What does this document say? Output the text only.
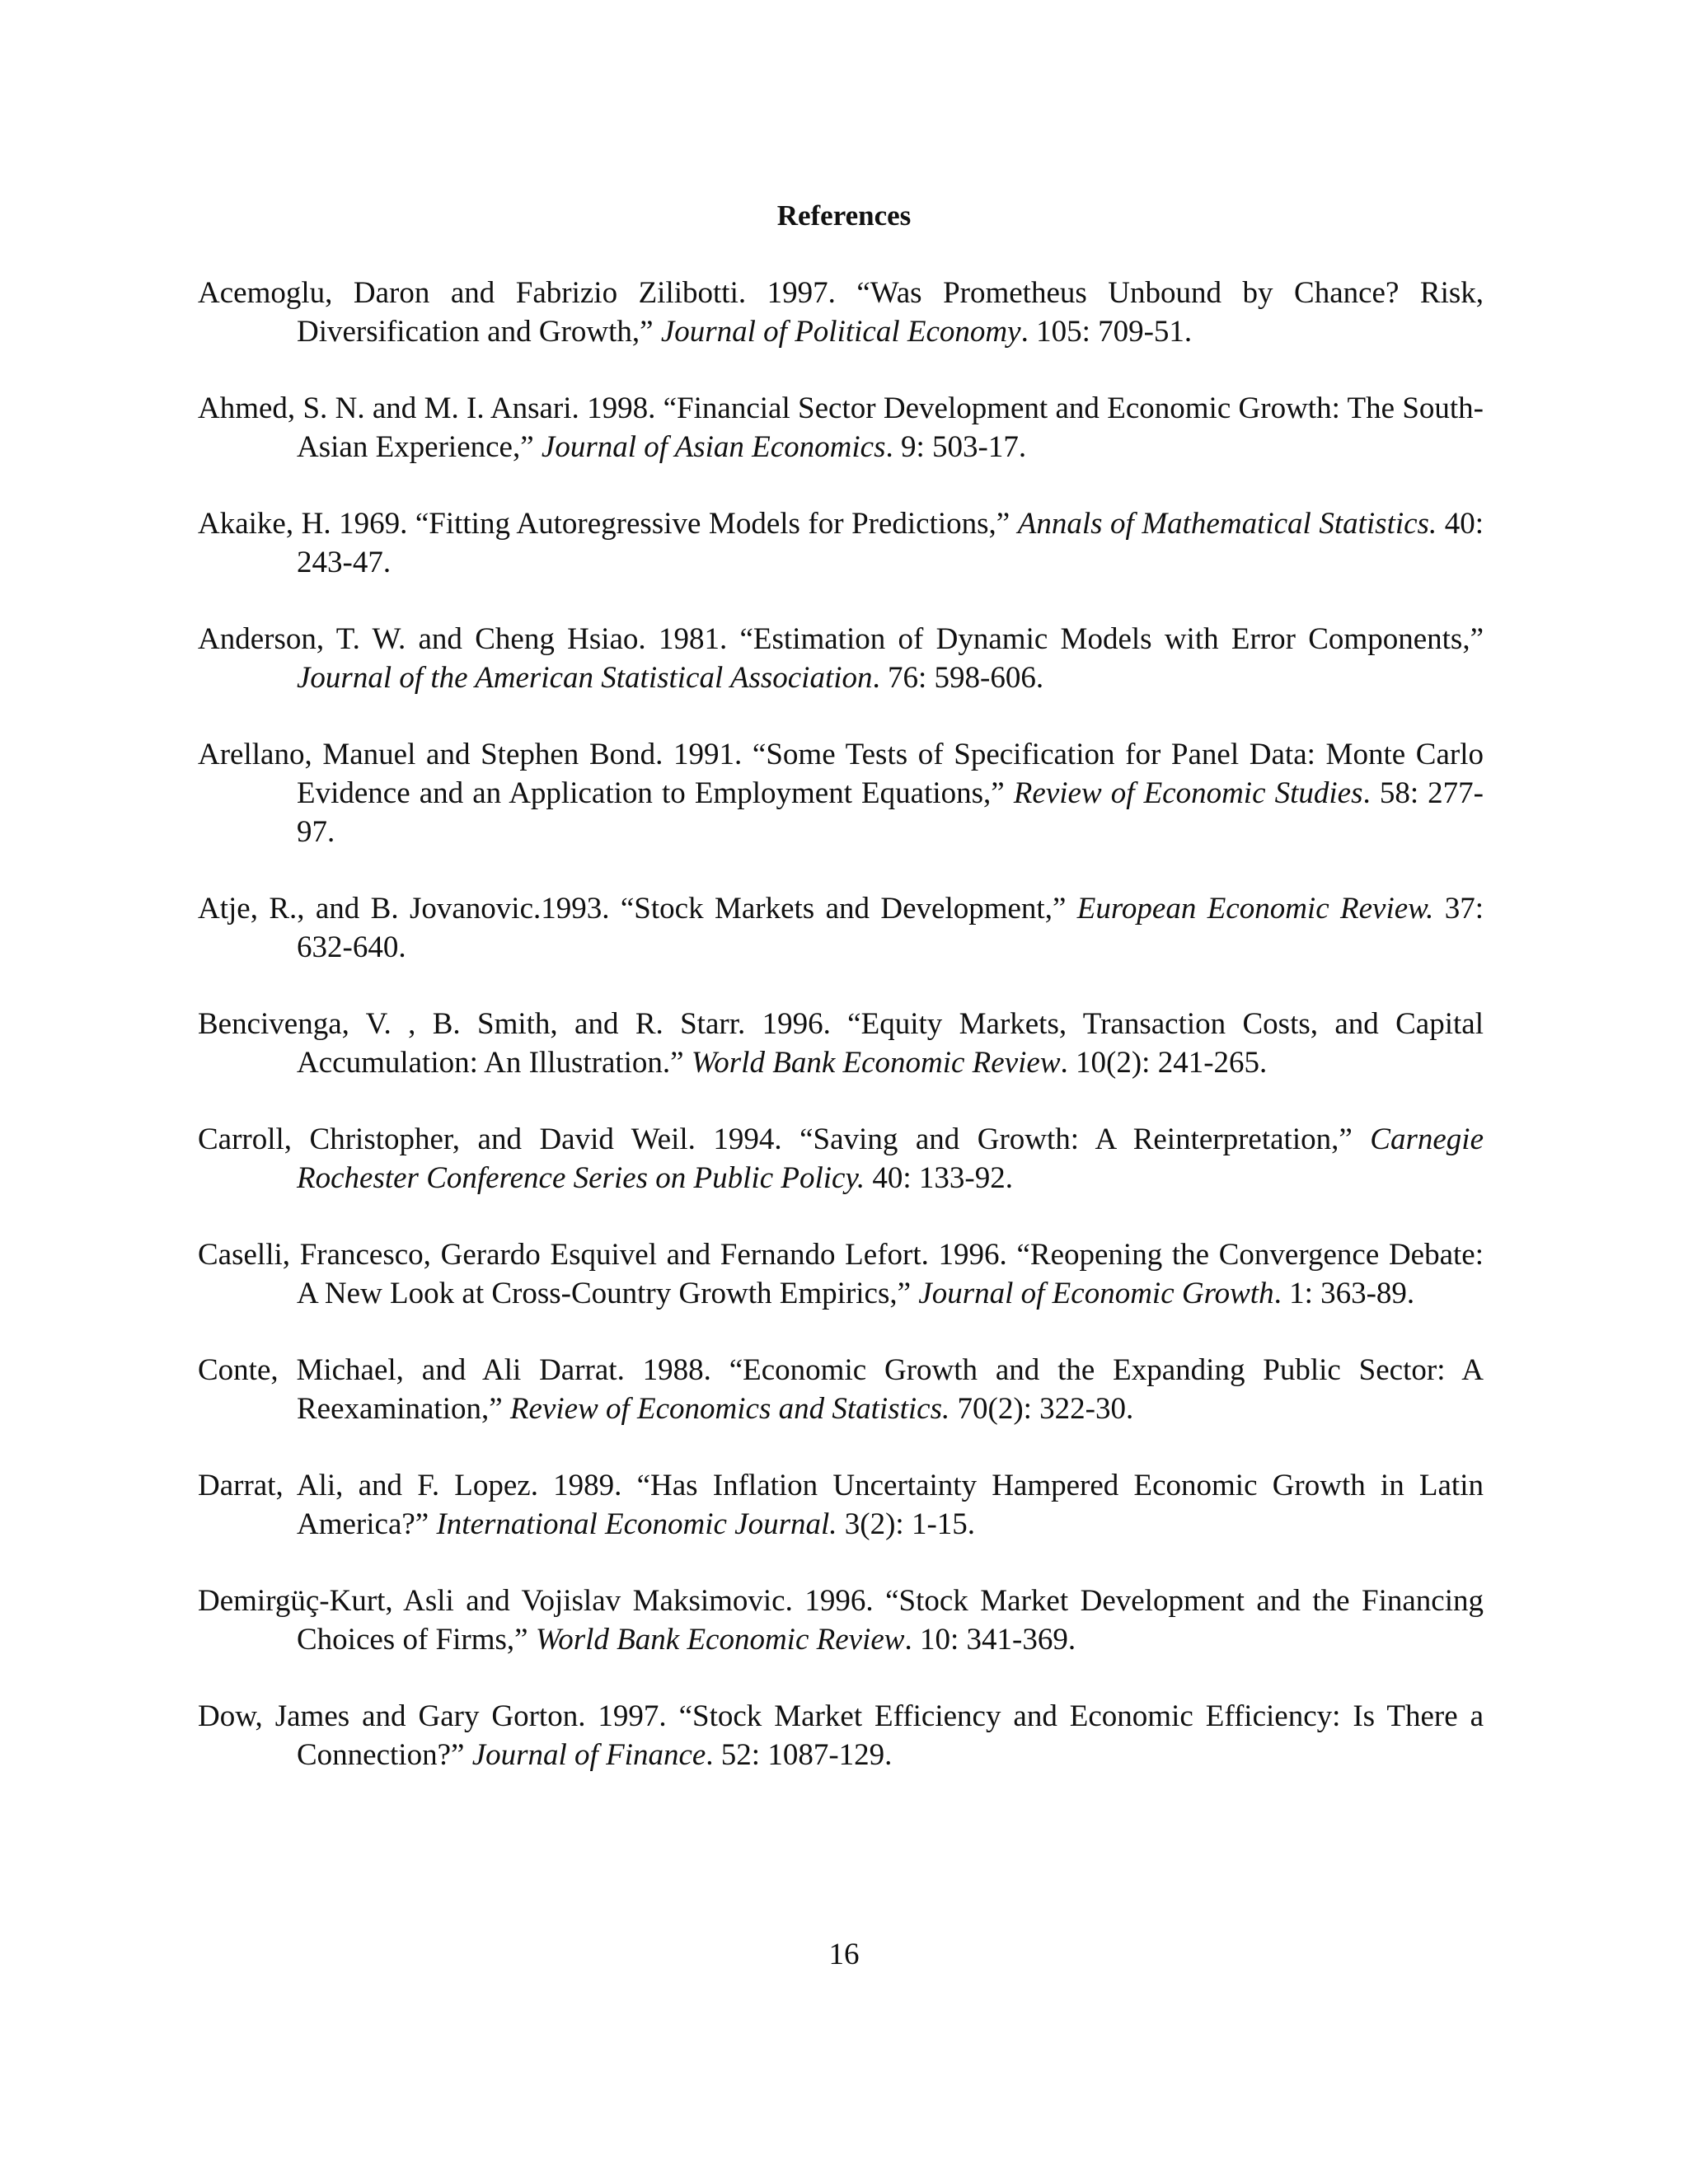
References
Acemoglu, Daron and Fabrizio Zilibotti. 1997. “Was Prometheus Unbound by Chance? Risk, Diversification and Growth,” Journal of Political Economy. 105: 709-51.
Ahmed, S. N. and M. I. Ansari. 1998. “Financial Sector Development and Economic Growth: The South-Asian Experience,” Journal of Asian Economics. 9: 503-17.
Akaike, H. 1969. “Fitting Autoregressive Models for Predictions,” Annals of Mathematical Statistics. 40: 243-47.
Anderson, T. W. and Cheng Hsiao. 1981. “Estimation of Dynamic Models with Error Components,” Journal of the American Statistical Association. 76: 598-606.
Arellano, Manuel and Stephen Bond. 1991. “Some Tests of Specification for Panel Data: Monte Carlo Evidence and an Application to Employment Equations,” Review of Economic Studies. 58: 277-97.
Atje, R., and B. Jovanovic.1993. “Stock Markets and Development,” European Economic Review. 37: 632-640.
Bencivenga, V. , B. Smith, and R. Starr. 1996. “Equity Markets, Transaction Costs, and Capital Accumulation: An Illustration.” World Bank Economic Review. 10(2): 241-265.
Carroll, Christopher, and David Weil. 1994. “Saving and Growth: A Reinterpretation,” Carnegie Rochester Conference Series on Public Policy. 40: 133-92.
Caselli, Francesco, Gerardo Esquivel and Fernando Lefort. 1996. “Reopening the Convergence Debate: A New Look at Cross-Country Growth Empirics,” Journal of Economic Growth. 1: 363-89.
Conte, Michael, and Ali Darrat. 1988. “Economic Growth and the Expanding Public Sector: A Reexamination,” Review of Economics and Statistics. 70(2): 322-30.
Darrat, Ali, and F. Lopez. 1989. “Has Inflation Uncertainty Hampered Economic Growth in Latin America?” International Economic Journal. 3(2): 1-15.
Demirgüç-Kurt, Asli and Vojislav Maksimovic. 1996. “Stock Market Development and the Financing Choices of Firms,” World Bank Economic Review. 10: 341-369.
Dow, James and Gary Gorton. 1997. “Stock Market Efficiency and Economic Efficiency: Is There a Connection?” Journal of Finance. 52: 1087-129.
16
